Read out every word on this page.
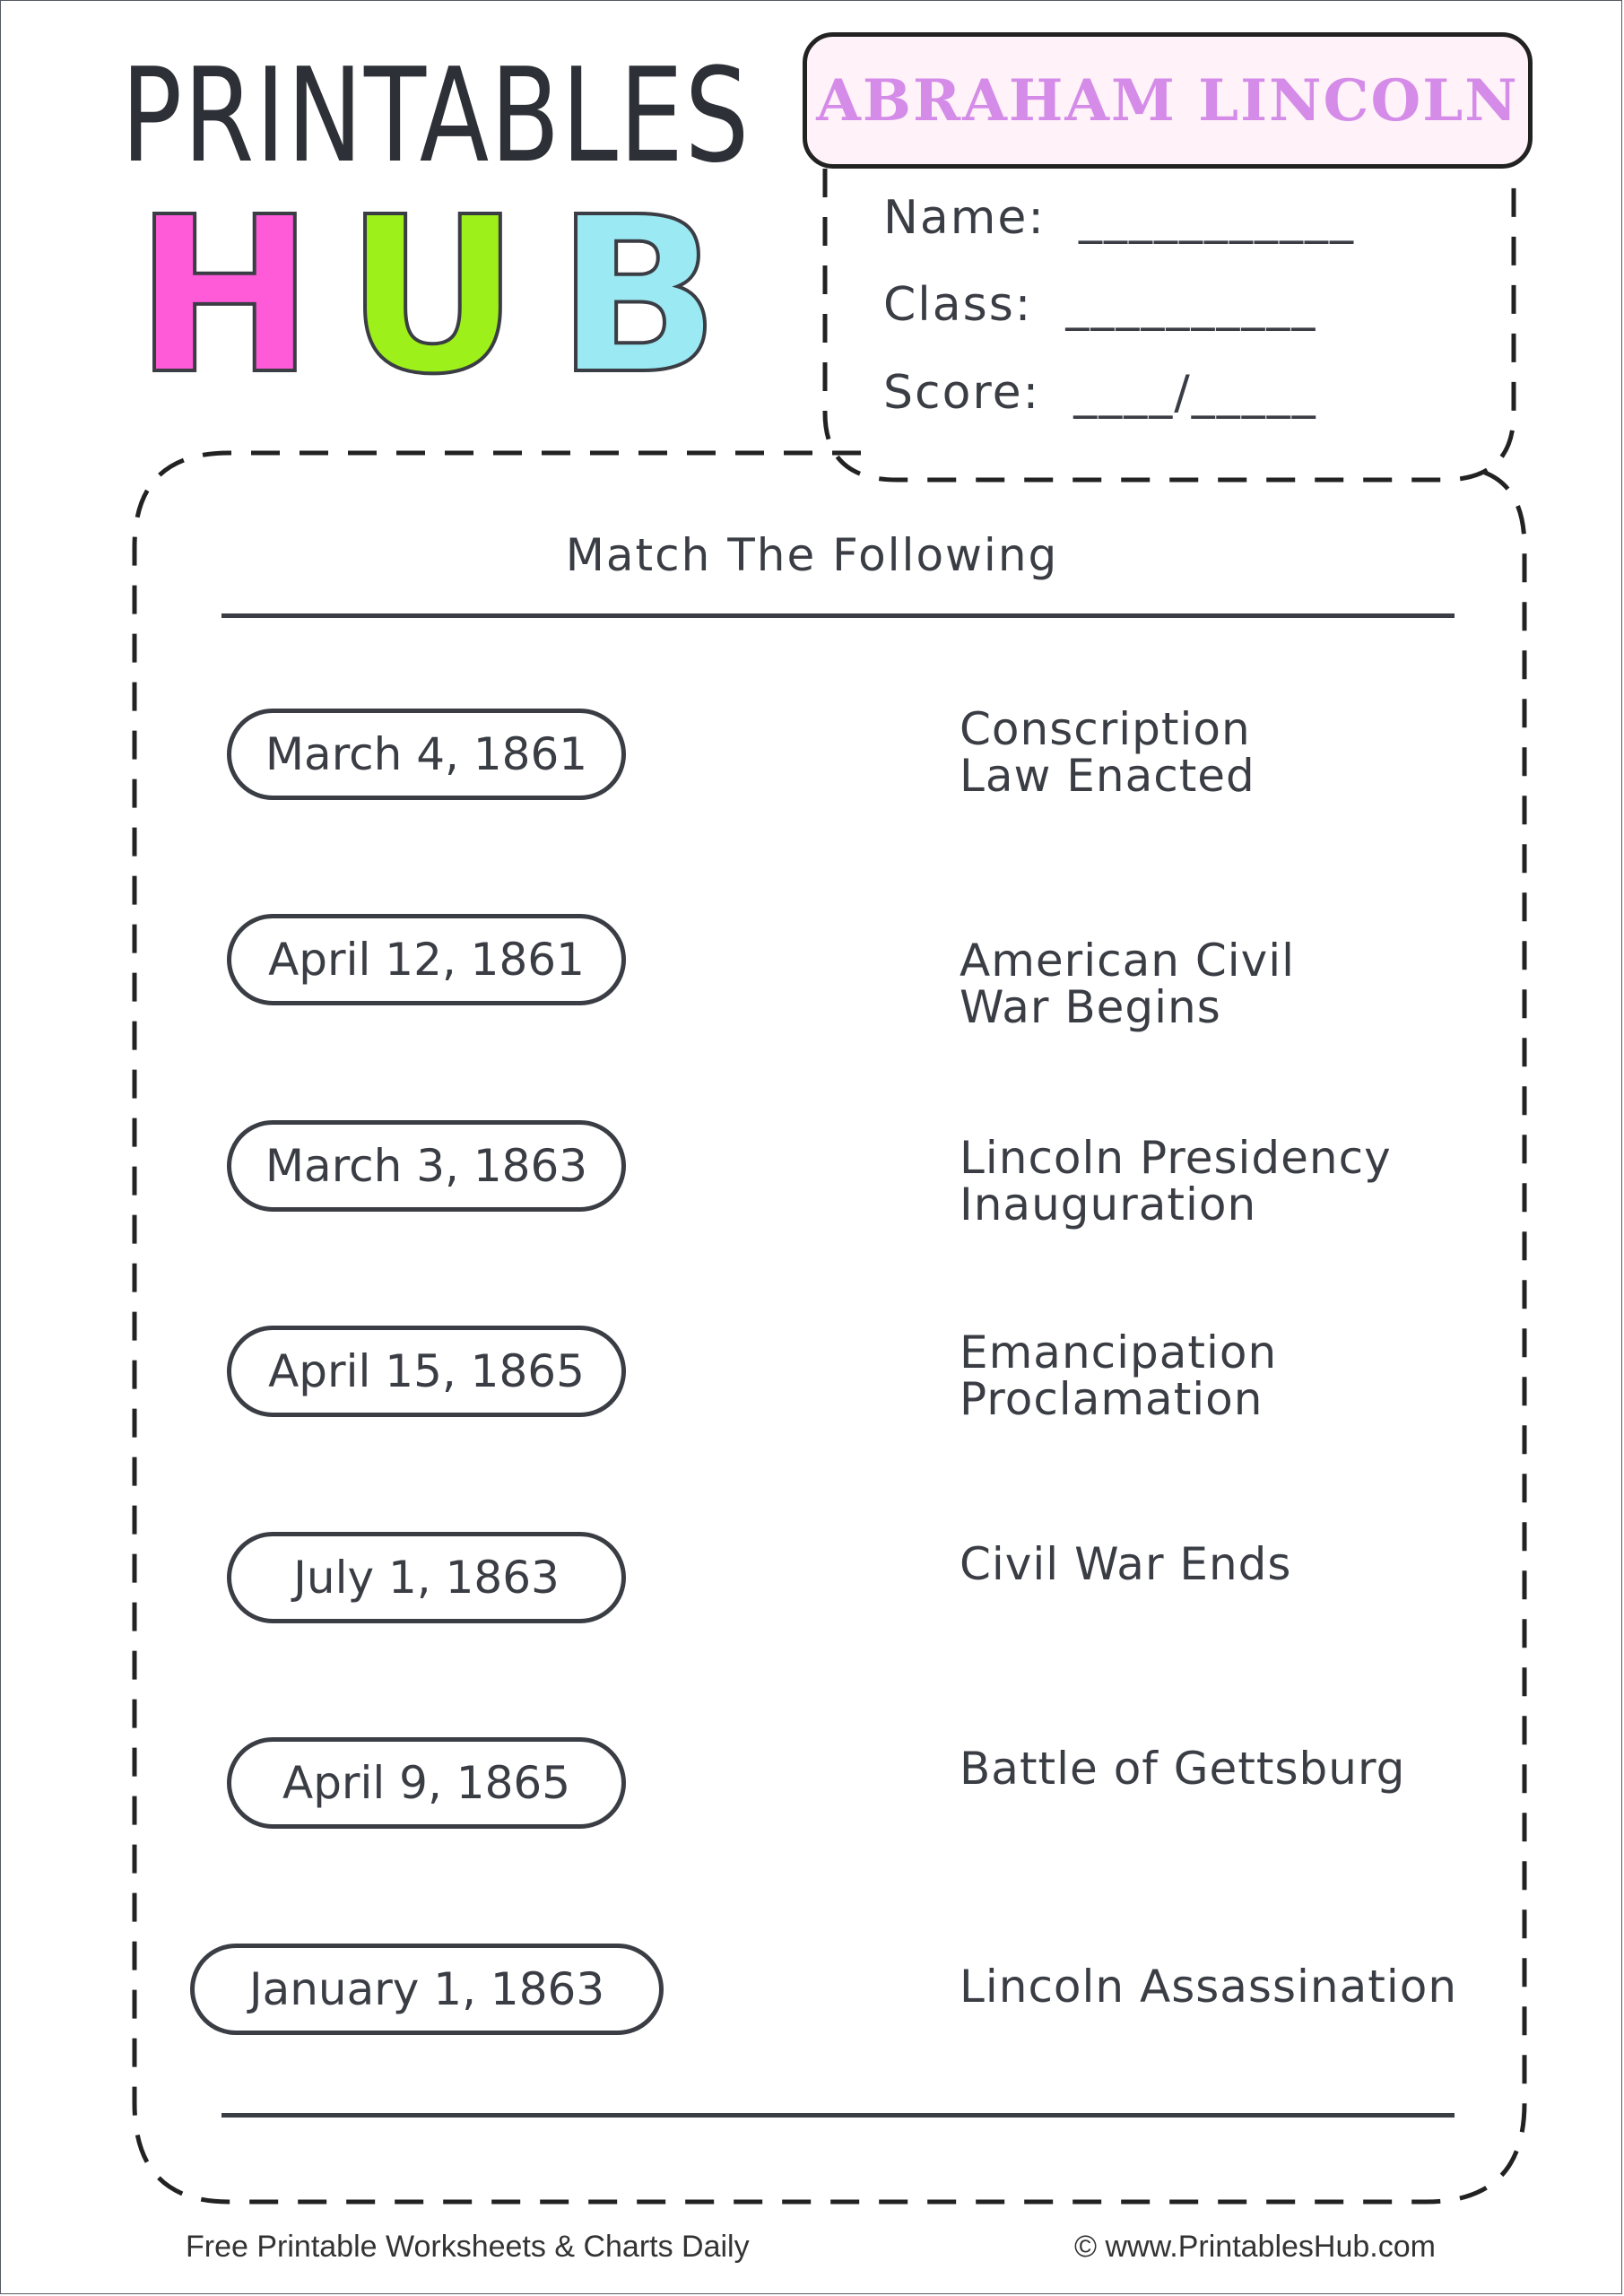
PRINTABLES
H U B
ABRAHAM LINCOLN
Name:  ___________
Class:  __________
Score:  ____/_____
Match The Following
March 4, 1861
April 12, 1861
March 3, 1863
April 15, 1865
July 1, 1863
April 9, 1865
January 1, 1863
Conscription
Law Enacted
American Civil
War Begins
Lincoln Presidency
Inauguration
Emancipation
Proclamation
Civil War Ends
Battle of Gettsburg
Lincoln Assassination
Free Printable Worksheets & Charts Daily	© www.PrintablesHub.com
